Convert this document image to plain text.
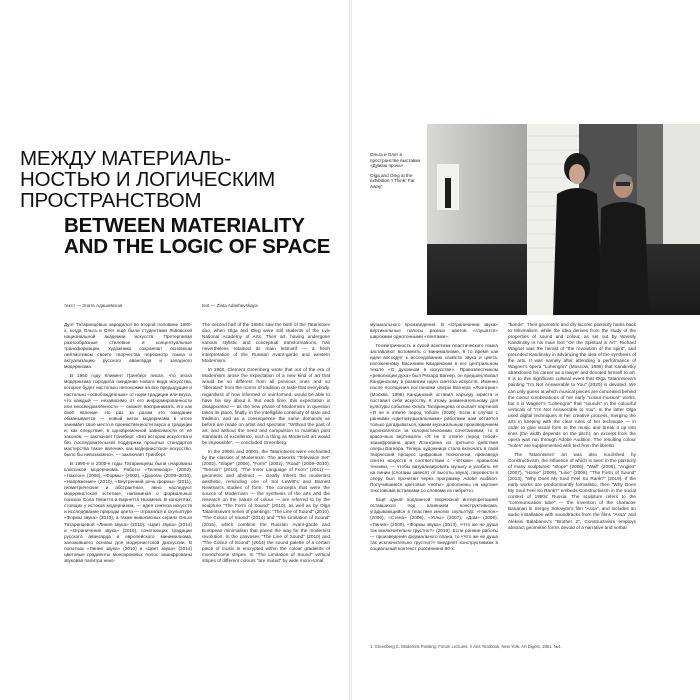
МЕЖДУ МАТЕРИАЛЬ-
НОСТЬЮ И ЛОГИЧЕСКИМ
ПРОСТРАНСТВОМ
BETWEEN MATERIALITY
AND THE LOGIC OF SPACE
текст — Злата Адашевская	text — Zlata Adashevskaya

Дуэт Татаринцевых зародился во второй половине 1980-х, когда Ольга и Олег ещё были студентами Львовской национальной академии искусств. Претерпевая разнообразные стилевые и концептуальные трансформации, художники сохраняют основным лейтмотивом своего творчества пересмотр языка и актуализацию русского авангарда и западного модернизма.

В 1960 году Климент Гринберг писал, что эпоха модернизма породила ожидание нового вида искусства, которое будет настолько непохожим на все предыдущие и настолько «освобождённым» от норм традиции или вкуса, что каждый — независимо от его информированности или неосведомлённости — сможет воспринимать его как своё явление. Но раз за разом это ожидание обманывается — новый виток модернизма в итоге занимает своё место в преемственности вкуса и традиции и, как следствие, в одновременной зависимости от её законов, — заключает Гринберг. «Без истории искусства и без последовательной поддержки прошлых стандартов мастерства такое явление, как модернистское искусство, было бы невозможно», — заключает Гринберг.

В 1990-е и 2000-е годы Татаринцевы были очарованы классикой модернизма. Работы «Телевизор» (2002), «Наклон» (2006), «Формы» (2002), «Дорога» (2009–2010), «Напряжение» (2010), «Внутренний речь формы» (2011), геометрические и абстрактные, явно наследуют модернистской эстетике, напоминая о формальных поисках Сола Левитта и Барнетта Ньюмена. В концептах, стоящих у истоков модернизма, — идея синтеза искусств и исследование природы цвета — отразился в скульптуре «Формы звука» (2010), а также живописных сериях Ольги Татаринцевой «Линия звука» (2010), «Цвет звука» (2014) и «Ограничение звука» (2015), сочетающих традиции русского авангарда и европейского минимализма, заложившего основы для модернистской дискуссии. В полотнах «Линия звука» (2010) и «Цвет звука» (2014) цветовые градиенты монохромных полос зашифрованы звуковая палитра неко-

The second half of the 1980s saw the birth of the Tatarintsev duo, when Olga and Oleg were still students of the Lviv National Academy of Arts. Their art, having undergone various stylistic and conceptual transformations, has nevertheless retained its main leitmotif — a fresh interpretation of the Russian Avant-garde and western Modernism.

In 1960, Clement Greenberg wrote that out of the era of Modernism arose the expectation of a new kind of art that would be so different from all previous ones and so "liberated" from the norms of tradition or taste that everybody, regardless of how informed or uninformed, would be able to have his say about it. But each time, this expectation is disappointed — as the new phase of Modernism in question takes its place, finally, in the intelligible continuity of taste and tradition, and as a consequence the same demands as before are made on artist and spectator. "Without the past of art, and without the need and compulsion to maintain past standards of excellence, such a thing as Modernist art would be impossible", — concluded Greenberg.

In the 1990s and 2000s, the Tatarintsevs were enchanted by the classics of Modernism. The artworks "Television Set" (2002), "Slope" (2006), "Form" (2002), "Road" (2009–2010), "Tension" (2010), "The Inner Language of Form" (2011) — geometric and abstract — clearly inherit the modernist aesthetic, reminding one of Sol LeWitt's and Barnett Newman's studies of form. The concepts that were the source of Modernism — the synthesis of the arts and the research on the nature of colour — are referred to by the sculpture "The Form of Sound" (2010), as well as by Olga Tatarintseva's series of paintings: "The Line of Sound" (2010), "The Colour of Sound" (2014) and "The Limitation of Sound" (2015), which combine the Russian Avant-garde and European minimalism that paved the way for the modernist revolution. In the canvases "The Line of Sound" (2010) and "The Colour of Sound" (2014) the sound palette of a certain piece of music is encrypted within the colour gradients of monochrome stripes. In "The Limitation of Sound" vertical stripes of different colours "are muted" by wide mono-tonal

Ольга и Олег в пространстве выставки «Думаю прочь»
Olga and Oleg at the exhibition 'I Think: Far Away'

музыкального произведения. В «Ограничении звука» вертикальные полосы разных цветов «глушатся» широкими однотонными «лентами».

Геометричность и сухой аскетизм пластического языка заставляют вспомнить о минимализме, в то время как идеи восходят к исследованию свойств звука и цвета, изложенному Василием Кандинским в его центральном тексте «О духовном в искусстве». Провозвестником «революции духа» был Рихард Вагнер, он предшествовал Кандинскому в развитии идеи синтеза искусств. Именно после посещения постановки оперы Вагнера «Лоэнгрин» (Москва, 1896) Кандинский оставил карьеру юриста и поставил себя искусству. К этому знаменательному для культуры событию Ольга Татаринцева отсылает картиной «Я не в ответе перед тобой» (2020). Если в случае с ранними «цветомузыкальными» работами нам остаётся только догадываться, каким музыкальным произведением вдохновлялся за колористическими сочетаниями, то в красочных вертикалях «Я не в ответе перед тобой» зашифрована ария Лоэнгрина из третьего действия оперы Вагнера. Теперь художница стала включать в свой творческий процесс цифровые технологии, произведя синтез искусств в соответствии с «чётким» правилом техники, — чтобы визуализировать музыку и разбить её на линии (слоганы зависят от высоты звука), перевести в оперу был прочитан через программу Adobe Audition. Получившиеся цветовые «ноты» дополнены на картине текстовыми вставками со словами из либретто.

Ещё одной подлинной творческой интерпретацией оставшихся под влиянием конструктивизма, угадывающийся в пластике многих скульптур: «Наклон» (2006), «Стена» (2006), «Углы» (2007), «Дом» (2009), «Линия» (2009), «Формы звука» (2013), «Что же не душа так исключительно грустно?» (2019). Если ранние работы — произведения формального плана, то «Что же не душа так исключительно грустно?» внедряет конструктивизм в социальный контекст россиянина 90-х.

"bands". Their geometric and dry laconic plasticity harks back to Minimalism, while the idea derives from the study of the properties of sound and colour, as set out by Wassily Kandinsky in his main text "On the Spiritual in Art". Richard Wagner was the herald of "the revolution of the spirit", and preceded Kandinsky in advancing the idea of the synthesis of the arts. It was namely after attending a performance of Wagner's opera "Lohengrin" (Moscow, 1896) that Kandinsky abandoned his career as a lawyer and devoted himself to art. It is to this significant cultural event that Olga Tatarintseva's painting "I'm Not Answerable to You" (2020) is devoted. We can only guess at which musical pieces are concealed behind the colour combinations of her early "colour-musical" works, but it is Wagner's "Lohengrin" that "sounds" in the colourful verticals of "I'm Not Answerable to You". In the latter Olga used digital techniques in her creative process, merging the arts in keeping with the clear rules of her technique — in order to give visual form to the music and break it up into lines (the width depends on the pitch), an excerpt from the opera was run through Adobe Audition. The resulting colour "notes" are supplemented with text from the libretto.

The Tatarintsevs' art was also nourished by Constructivism, the influence of which is seen in the plasticity of many sculptures: "Slope" (2006), "Wall" (2006), "Angles" (2007), "Home" (2009), "Line" (2009), "The Form of Sound" (2013), "Why Does My Soul Feel So Rank?" (2019). If the early works are predominantly formalistic, then "Why Does My Soul Feel So Rank?" embeds Constructivism in the social context of 1990s' Russia. The sculpture refers to the "communication tube" — the invention of the character Bananan in Sergey Solovyov's film "Assa", and includes an audio installation with soundtracks from the films "Assa" and Aleksei Balabanov's "Brother 2". Constructivism employs abstract geometric forms devoid of a narrative and verbal

1. Greenberg C. Modernist Painting. Forum Lectures. // Arts Yearbook, New York. Art Digest, 1961. №4.
